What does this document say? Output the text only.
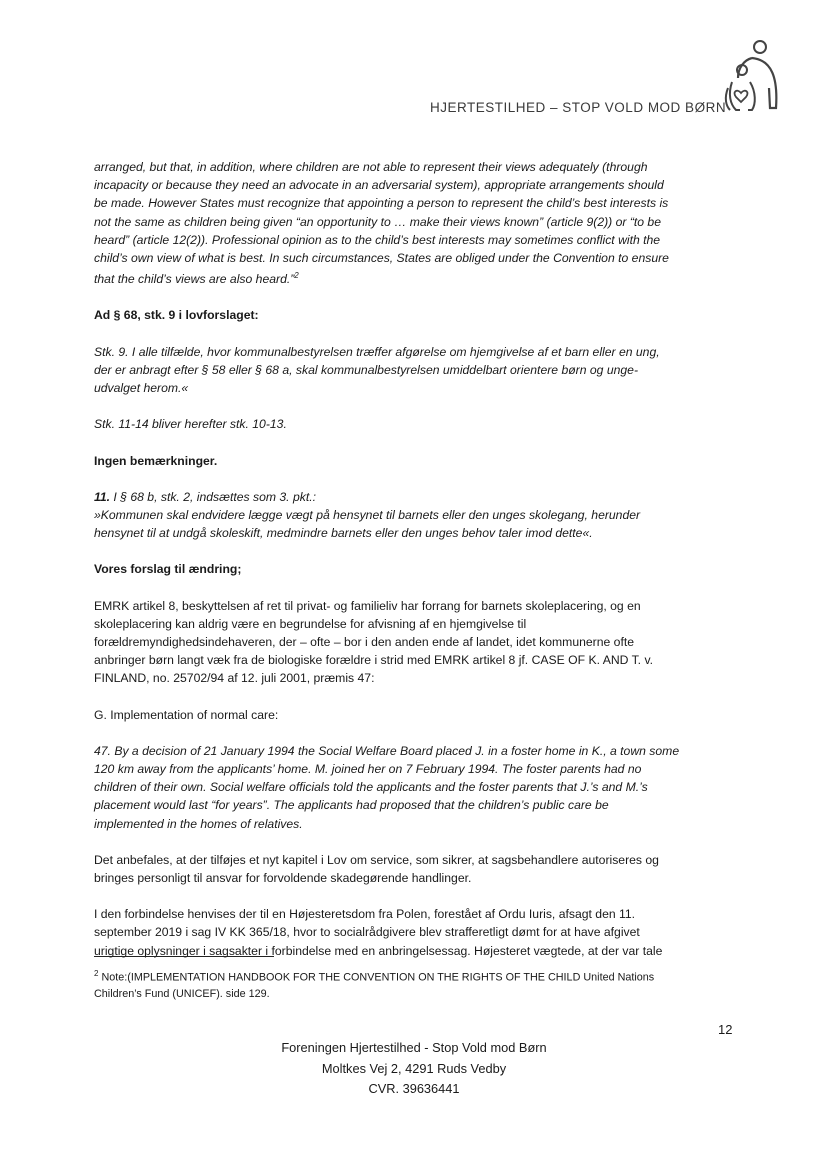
HJERTESTILHED – STOP VOLD MOD BØRN

arranged, but that, in addition, where children are not able to represent their views adequately (through

incapacity or because they need an advocate in an adversarial system), appropriate arrangements should

be made. However States must recognize that appointing a person to represent the child’s best interests is

not the same as children being given “an opportunity to … make their views known” (article 9(2)) or “to be

heard” (article 12(2)). Professional opinion as to the child’s best interests may sometimes conflict with the

child’s own view of what is best. In such circumstances, States are obliged under the Convention to ensure

that the child’s views are also heard.”$^2$

Ad § 68, stk. 9 i lovforslaget:

Stk. 9. I alle tilfælde, hvor kommunalbestyrelsen træffer afgørelse om hjemgivelse af et barn eller en ung,

der er anbragt efter § 58 eller § 68 a, skal kommunalbestyrelsen umiddelbart orientere børn og unge-

udvalget herom.«

Stk. 11-14 bliver herefter stk. 10-13.

Ingen bemærkninger.

11. I § 68 b, stk. 2, indsættes som 3. pkt.:

»Kommunen skal endvidere lægge vægt på hensynet til barnets eller den unges skolegang, herunder

hensynet til at undgå skoleskift, medmindre barnets eller den unges behov taler imod dette«.

Vores forslag til ændring;

EMRK artikel 8, beskyttelsen af ret til privat- og familieliv har forrang for barnets skoleplacering, og en

skoleplacering kan aldrig være en begrundelse for afvisning af en hjemgivelse til

forældremyndighedsindehaveren, der – ofte – bor i den anden ende af landet, idet kommunerne ofte

anbringer børn langt væk fra de biologiske forældre i strid med EMRK artikel 8 jf. CASE OF K. AND T. v.

FINLAND, no. 25702/94 af 12. juli 2001, præmis 47:

G. Implementation of normal care:

47. By a decision of 21 January 1994 the Social Welfare Board placed J. in a foster home in K., a town some

120 km away from the applicants’ home. M. joined her on 7 February 1994. The foster parents had no

children of their own. Social welfare officials told the applicants and the foster parents that J.’s and M.’s

placement would last “for years”. The applicants had proposed that the children’s public care be

implemented in the homes of relatives.

Det anbefales, at der tilføjes et nyt kapitel i Lov om service, som sikrer, at sagsbehandlere autoriseres og

bringes personligt til ansvar for forvoldende skadegørende handlinger.

I den forbindelse henvises der til en Højesteretsdom fra Polen, forestået af Ordu Iuris, afsagt den 11.

september 2019 i sag IV KK 365/18, hvor to socialrådgivere blev strafferetligt dømt for at have afgivet

urigtige oplysninger i sagsakter i forbindelse med en anbringelsessag. Højesteret vægtede, at der var tale

$^2$ Note:(IMPLEMENTATION HANDBOOK FOR THE CONVENTION ON THE RIGHTS OF THE CHILD United Nations

Children’s Fund (UNICEF). side 129.

12
Foreningen Hjertestilhed - Stop Vold mod Børn
Moltkes Vej 2, 4291 Ruds Vedby
CVR. 39636441
